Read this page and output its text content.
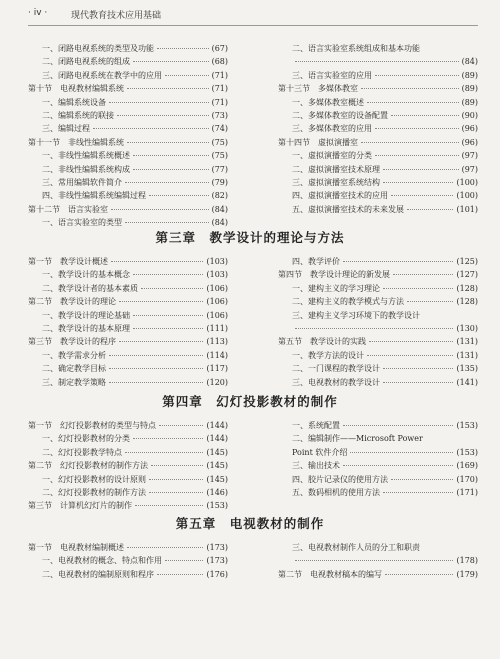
· iv ·	现代教育技术应用基础
一、闭路电视系统的类型及功能	(67)
二、闭路电视系统的组成	(68)
三、闭路电视系统在教学中的应用	(71)
第十节　电视教材编辑系统	(71)
一、编辑系统设备	(71)
二、编辑系统的联接	(73)
三、编辑过程	(74)
第十一节　非线性编辑系统	(75)
一、非线性编辑系统概述	(75)
二、非线性编辑系统构成	(77)
三、常用编辑软件简介	(79)
四、非线性编辑系统编辑过程	(82)
第十二节　语言实验室	(84)
一、语言实验室的类型	(84)
二、语言实验室系统组成和基本功能
(84)
三、语言实验室的应用	(89)
第十三节　多媒体教室	(89)
一、多媒体教室概述	(89)
二、多媒体教室的设备配置	(90)
三、多媒体教室的应用	(96)
第十四节　虚拟演播室	(96)
一、虚拟演播室的分类	(97)
二、虚拟演播室技术原理	(97)
三、虚拟演播室系统结构	(100)
四、虚拟演播室技术的应用	(100)
五、虚拟演播室技术的未来发展	(101)
第三章　教学设计的理论与方法
第一节　教学设计概述	(103)
一、教学设计的基本概念	(103)
二、教学设计者的基本素质	(106)
第二节　教学设计的理论	(106)
一、教学设计的理论基础	(106)
二、教学设计的基本原理	(111)
第三节　教学设计的程序	(113)
一、教学需求分析	(114)
二、确定教学目标	(117)
三、制定教学策略	(120)
四、教学评价	(125)
第四节　教学设计理论的新发展	(127)
一、建构主义的学习理论	(128)
二、建构主义的教学模式与方法	(128)
三、建构主义学习环境下的教学设计
(130)
第五节　教学设计的实践	(131)
一、教学方法的设计	(131)
二、一门课程的教学设计	(135)
三、电视教材的教学设计	(141)
第四章　幻灯投影教材的制作
第一节　幻灯投影教材的类型与特点	(144)
一、幻灯投影教材的分类	(144)
二、幻灯投影教学特点	(145)
第二节　幻灯投影教材的制作方法	(145)
一、幻灯投影教材的设计原则	(145)
二、幻灯投影教材的制作方法	(146)
第三节　计算机幻灯片的制作	(153)
一、系统配置	(153)
二、编辑制作——Microsoft Power
Point 软件介绍	(153)
三、输出技术	(169)
四、胶片记录仪的使用方法	(170)
五、数码相机的使用方法	(171)
第五章　电视教材的制作
第一节　电视教材编制概述	(173)
一、电视教材的概念、特点和作用	(173)
二、电视教材的编制原则和程序	(176)
三、电视教材制作人员的分工和职责
(178)
第二节　电视教材稿本的编写	(179)
